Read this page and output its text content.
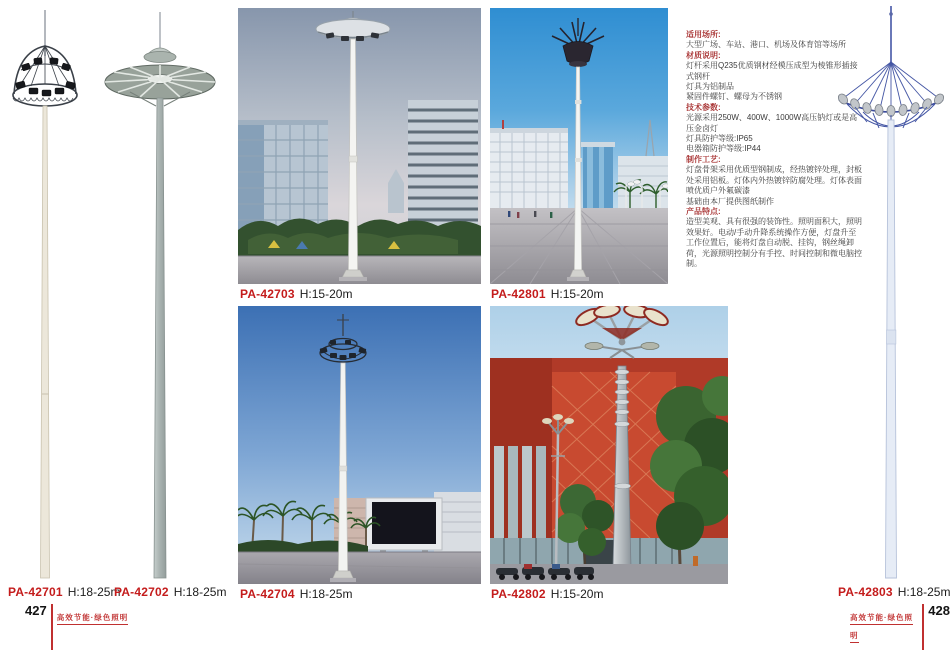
适用场所:
大型广场、车站、港口、机场及体育馆等场所
材质说明:
灯杆采用Q235优质钢材经模压成型为棱锥形插接式钢杆
灯具为铝制品
紧固件螺钉、螺母为不锈钢
技术参数:
光源采用250W、400W、1000W高压钠灯或是高压金卤灯
灯具防护等级:IP65
电器箱防护等级:IP44
制作工艺:
灯盘骨架采用优质型钢制成，经热镀锌处理，封板处采用铝板。灯体内外热镀锌防腐处理。灯体表面喷优质户外氟碳漆
基础由本厂提供图纸制作
产品特点:
造型美观、具有很强的装饰性。照明面积大，照明效果好。电动/手动升降系统操作方便，灯盘升至工作位置后，能将灯盘自动脱、挂钩，钢丝绳卸荷，光源照明控制分有手控、时间控制和微电脑控制。
PA-42701 H:18-25m
PA-42702 H:18-25m
PA-42703 H:15-20m	PA-42801 H:15-20m
PA-42704 H:18-25m	PA-42802 H:15-20m	PA-42803 H:18-25m
427 高效节能·绿色照明	高效节能·绿色照明
428
